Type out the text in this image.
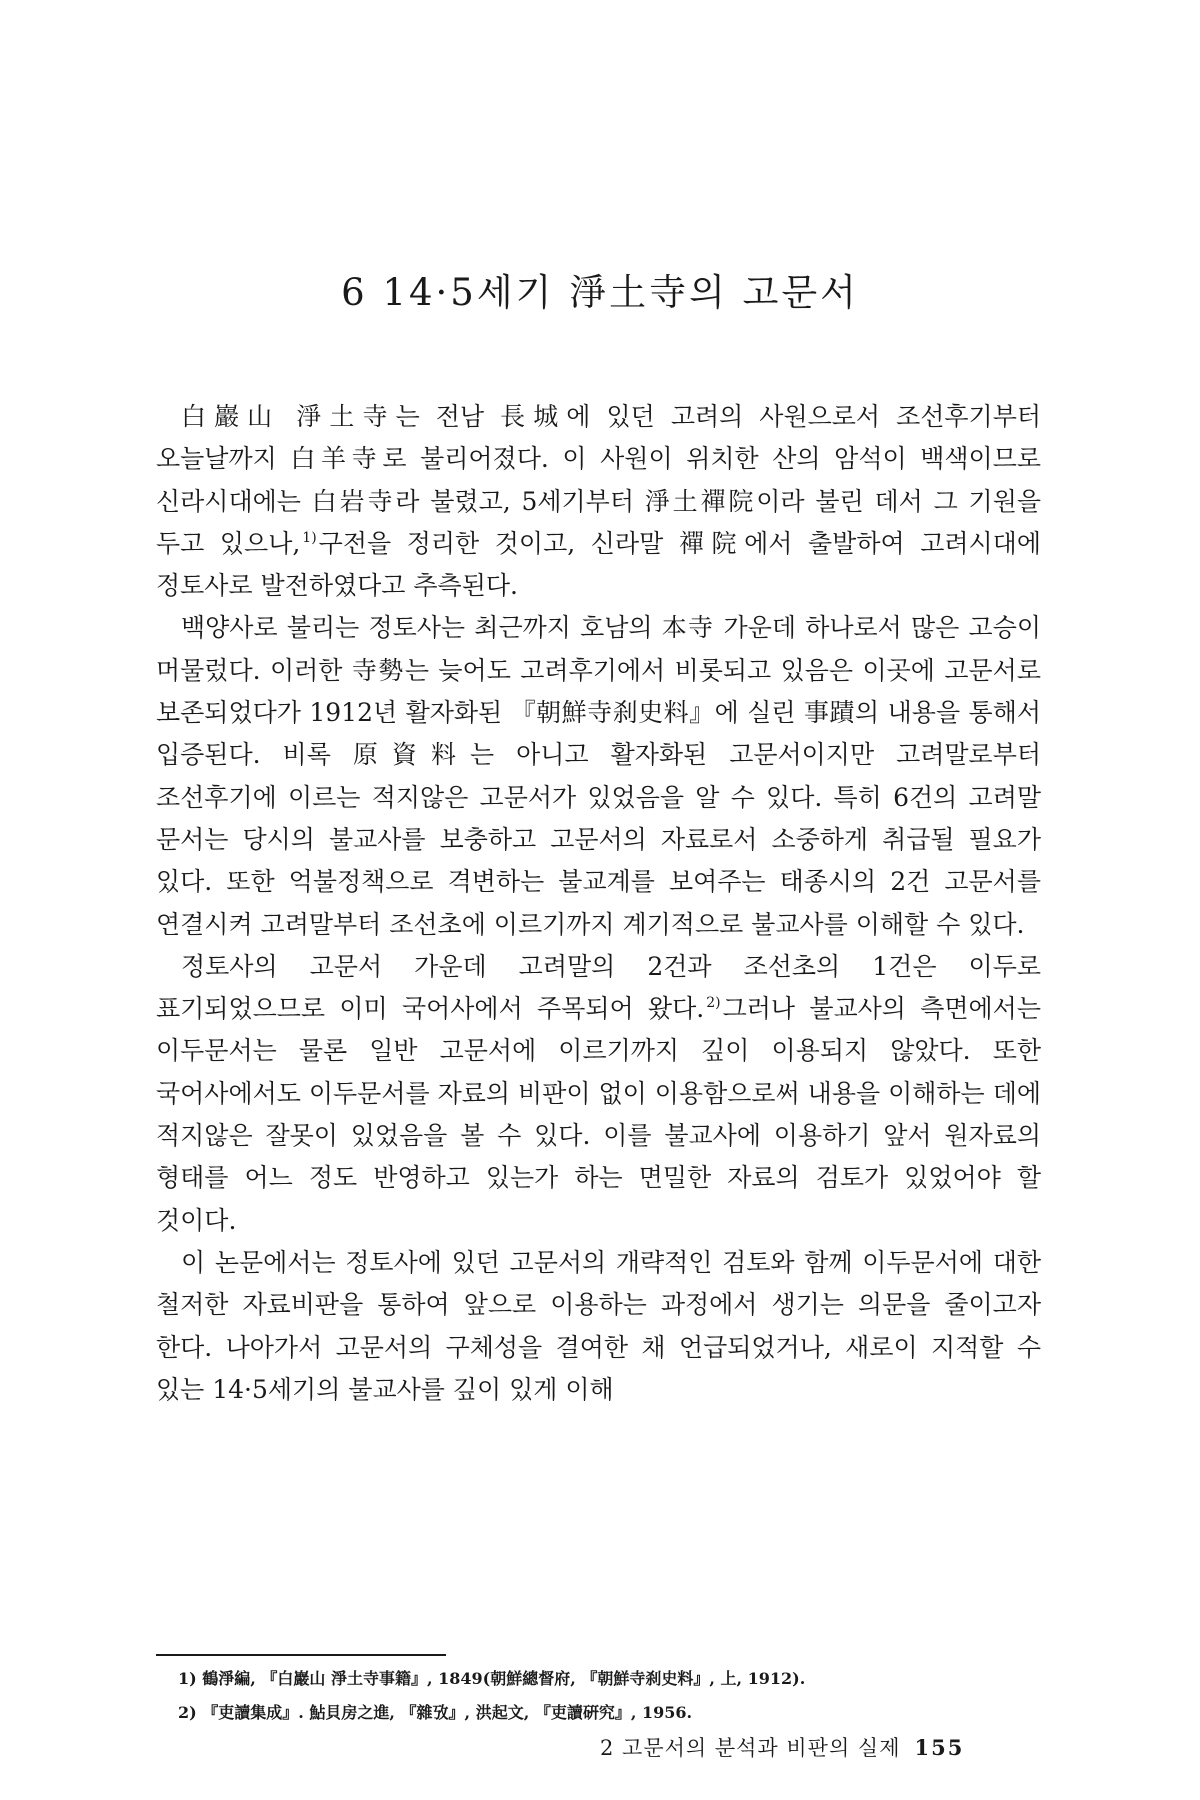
6 14·5세기 淨土寺의 고문서

白巖山 淨土寺는 전남 長城에 있던 고려의 사원으로서 조선후기부터 오늘날까지 白羊寺로 불리어졌다. 이 사원이 위치한 산의 암석이 백색이므로 신라시대에는 白岩寺라 불렸고, 5세기부터 淨土禪院이라 불린 데서 그 기원을 두고 있으나, $^{1)}$구전을 정리한 것이고, 신라말 禪院에서 출발하여 고려시대에 정토사로 발전하였다고 추측된다.

백양사로 불리는 정토사는 최근까지 호남의 本寺 가운데 하나로서 많은 고승이 머물렀다. 이러한 寺勢는 늦어도 고려후기에서 비롯되고 있음은 이곳에 고문서로 보존되었다가 1912년 활자화된 『朝鮮寺刹史料』에 실린 事蹟의 내용을 통해서 입증된다. 비록 原資料는 아니고 활자화된 고문서이지만 고려말로부터 조선후기에 이르는 적지않은 고문서가 있었음을 알 수 있다. 특히 6건의 고려말 문서는 당시의 불교사를 보충하고 고문서의 자료로서 소중하게 취급될 필요가 있다. 또한 억불정책으로 격변하는 불교계를 보여주는 태종시의 2건 고문서를 연결시켜 고려말부터 조선초에 이르기까지 계기적으로 불교사를 이해할 수 있다.

정토사의 고문서 가운데 고려말의 2건과 조선초의 1건은 이두로 표기되었으므로 이미 국어사에서 주목되어 왔다. $^{2)}$그러나 불교사의 측면에서는 이두문서는 물론 일반 고문서에 이르기까지 깊이 이용되지 않았다. 또한 국어사에서도 이두문서를 자료의 비판이 없이 이용함으로써 내용을 이해하는 데에 적지않은 잘못이 있었음을 볼 수 있다. 이를 불교사에 이용하기 앞서 원자료의 형태를 어느 정도 반영하고 있는가 하는 면밀한 자료의 검토가 있었어야 할 것이다.

이 논문에서는 정토사에 있던 고문서의 개략적인 검토와 함께 이두문서에 대한 철저한 자료비판을 통하여 앞으로 이용하는 과정에서 생기는 의문을 줄이고자 한다. 나아가서 고문서의 구체성을 결여한 채 언급되었거나, 새로이 지적할 수 있는 14·5세기의 불교사를 깊이 있게 이해

1) 鶴淨編, 『白巖山 淨土寺事籍』, 1849(朝鮮總督府, 『朝鮮寺刹史料』, 上, 1912).
2) 『吏讀集成』. 鮎貝房之進, 『雜攷』, 洪起文, 『吏讀硏究』, 1956.
2 고문서의 분석과 비판의 실제 155
